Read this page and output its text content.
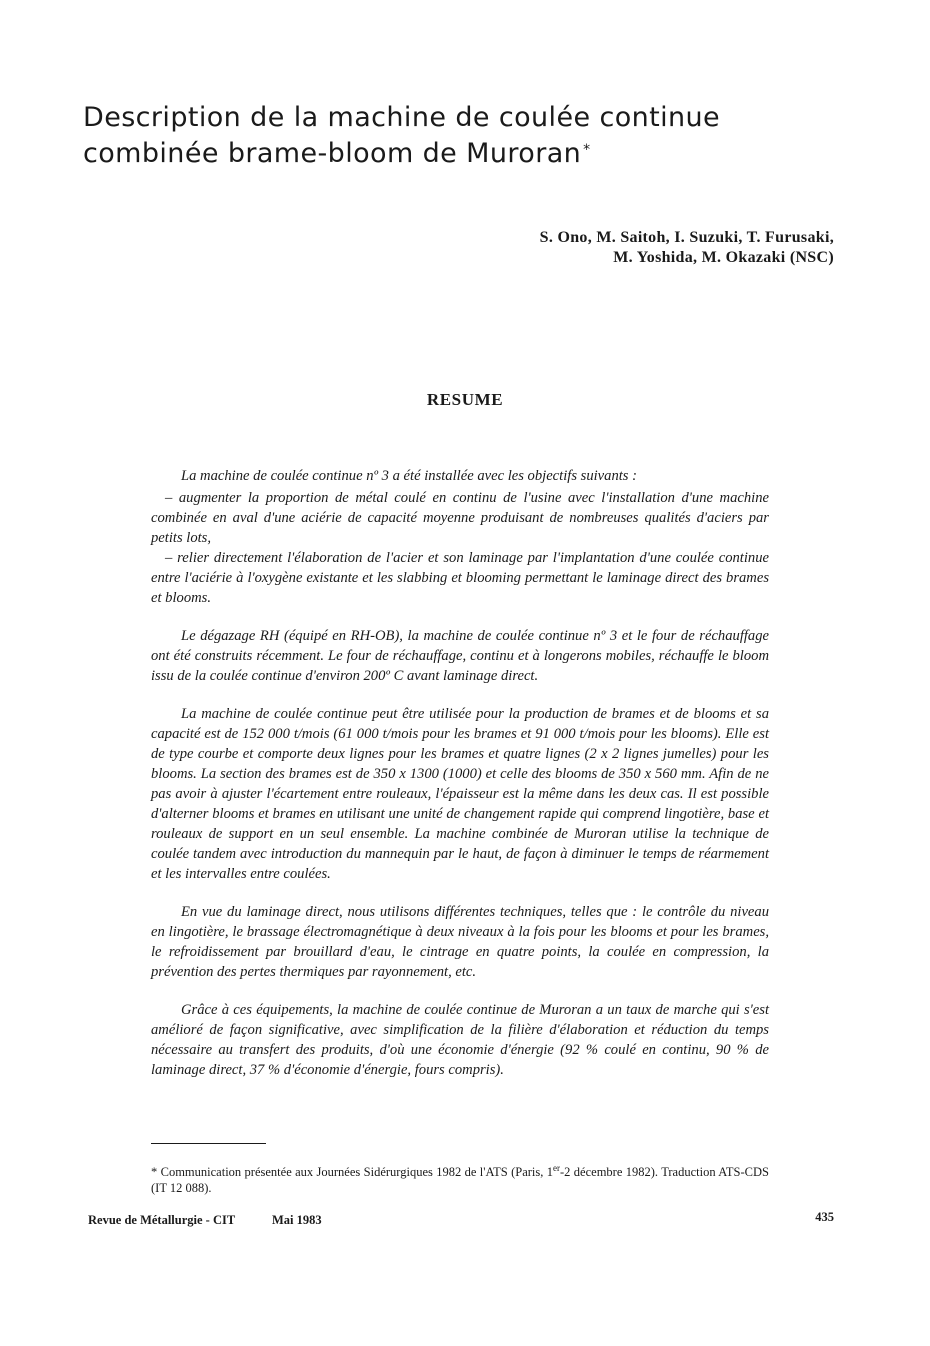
Description de la machine de coulée continue
combinée brame-bloom de Muroran *
S. Ono, M. Saitoh, I. Suzuki, T. Furusaki,
M. Yoshida, M. Okazaki (NSC)
RESUME

La machine de coulée continue nº 3 a été installée avec les objectifs suivants :

– augmenter la proportion de métal coulé en continu de l'usine avec l'installation d'une machine combinée en aval d'une aciérie de capacité moyenne produisant de nombreuses qualités d'aciers par petits lots,

– relier directement l'élaboration de l'acier et son laminage par l'implantation d'une coulée continue entre l'aciérie à l'oxygène existante et les slabbing et blooming permettant le laminage direct des brames et blooms.

Le dégazage RH (équipé en RH-OB), la machine de coulée continue nº 3 et le four de réchauffage ont été construits récemment. Le four de réchauffage, continu et à longerons mobiles, réchauffe le bloom issu de la coulée continue d'environ 200º C avant laminage direct.

La machine de coulée continue peut être utilisée pour la production de brames et de blooms et sa capacité est de 152 000 t/mois (61 000 t/mois pour les brames et 91 000 t/mois pour les blooms). Elle est de type courbe et comporte deux lignes pour les brames et quatre lignes (2 x 2 lignes jumelles) pour les blooms. La section des brames est de 350 x 1300 (1000) et celle des blooms de 350 x 560 mm. Afin de ne pas avoir à ajuster l'écartement entre rouleaux, l'épaisseur est la même dans les deux cas. Il est possible d'alterner blooms et brames en utilisant une unité de changement rapide qui comprend lingotière, base et rouleaux de support en un seul ensemble. La machine combinée de Muroran utilise la technique de coulée tandem avec introduction du mannequin par le haut, de façon à diminuer le temps de réarmement et les intervalles entre coulées.

En vue du laminage direct, nous utilisons différentes techniques, telles que : le contrôle du niveau en lingotière, le brassage électromagnétique à deux niveaux à la fois pour les blooms et pour les brames, le refroidissement par brouillard d'eau, le cintrage en quatre points, la coulée en compression, la prévention des pertes thermiques par rayonnement, etc.

Grâce à ces équipements, la machine de coulée continue de Muroran a un taux de marche qui s'est amélioré de façon significative, avec simplification de la filière d'élaboration et réduction du temps nécessaire au transfert des produits, d'où une économie d'énergie (92 % coulé en continu, 90 % de laminage direct, 37 % d'économie d'énergie, fours compris).

* Communication présentée aux Journées Sidérurgiques 1982 de l'ATS (Paris, 1er-2 décembre 1982). Traduction ATS-CDS (IT 12 088).
Revue de Métallurgie - CIT	Mai 1983	435
